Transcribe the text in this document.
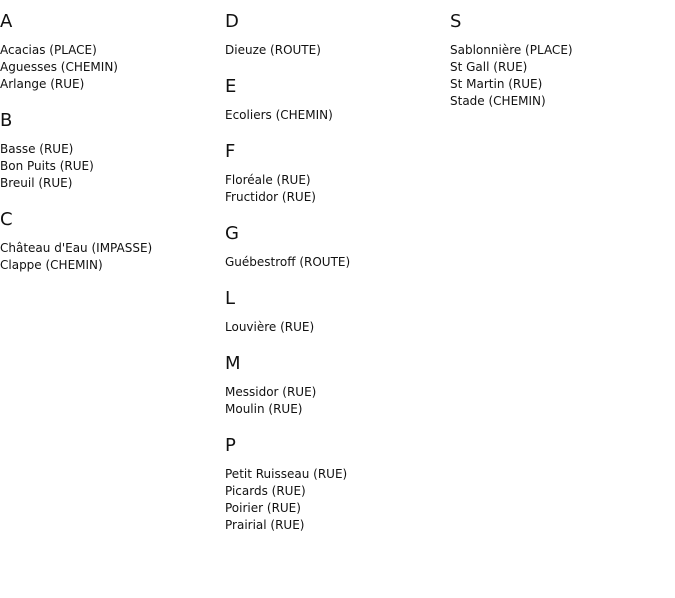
A
Acacias (PLACE)
Aguesses (CHEMIN)
Arlange (RUE)
B
Basse (RUE)
Bon Puits (RUE)
Breuil (RUE)
C
Château d'Eau (IMPASSE)
Clappe (CHEMIN)
D
Dieuze (ROUTE)
E
Ecoliers (CHEMIN)
F
Floréale (RUE)
Fructidor (RUE)
G
Guébestroff (ROUTE)
L
Louvière (RUE)
M
Messidor (RUE)
Moulin (RUE)
P
Petit Ruisseau (RUE)
Picards (RUE)
Poirier (RUE)
Prairial (RUE)
S
Sablonnière (PLACE)
St Gall (RUE)
St Martin (RUE)
Stade (CHEMIN)
